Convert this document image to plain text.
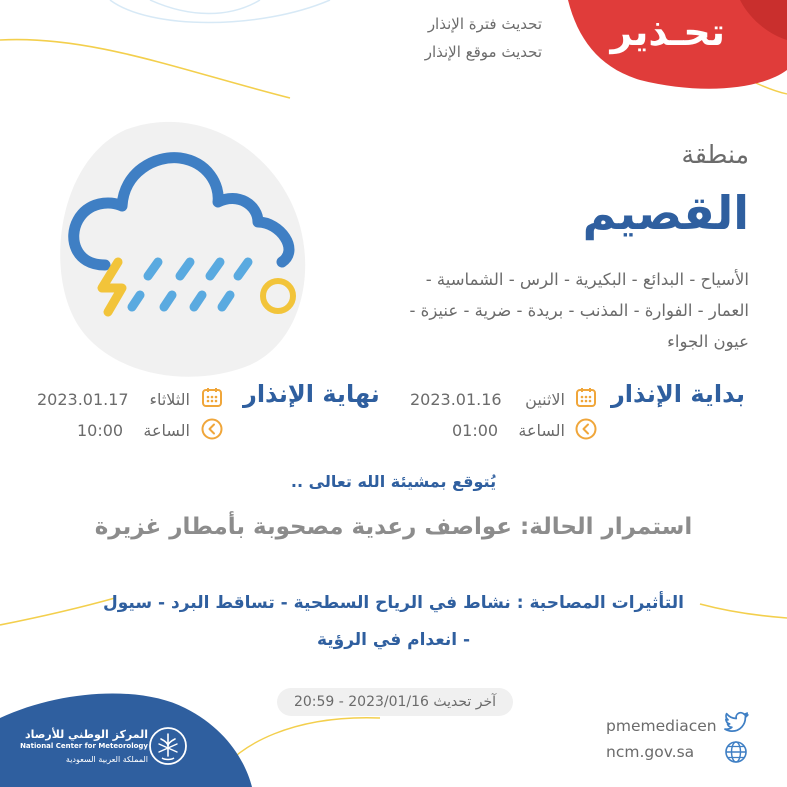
تحـذير
تحديث فترة الإنذار
تحديث موقع الإنذار
منطقة
القصيم
الأسياح - البدائع - البكيرية - الرس - الشماسية - العمار - الفوارة - المذنب - بريدة - ضرية - عنيزة - عيون الجواء
بداية الإنذار
الاثنين
2023.01.16
الساعة
01:00
نهاية الإنذار
الثلاثاء
2023.01.17
الساعة
10:00
يُتوقع بمشيئة الله تعالى ..
استمرار الحالة: عواصف رعدية مصحوبة بأمطار غزيرة
التأثيرات المصاحبة : نشاط في الرياح السطحية - تساقط البرد - سيول - انعدام في الرؤية
آخر تحديث 2023/01/16 - 20:59
pmemediacen
ncm.gov.sa
المركز الوطني للأرصاد
National Center for Meteorology
المملكة العربية السعودية
